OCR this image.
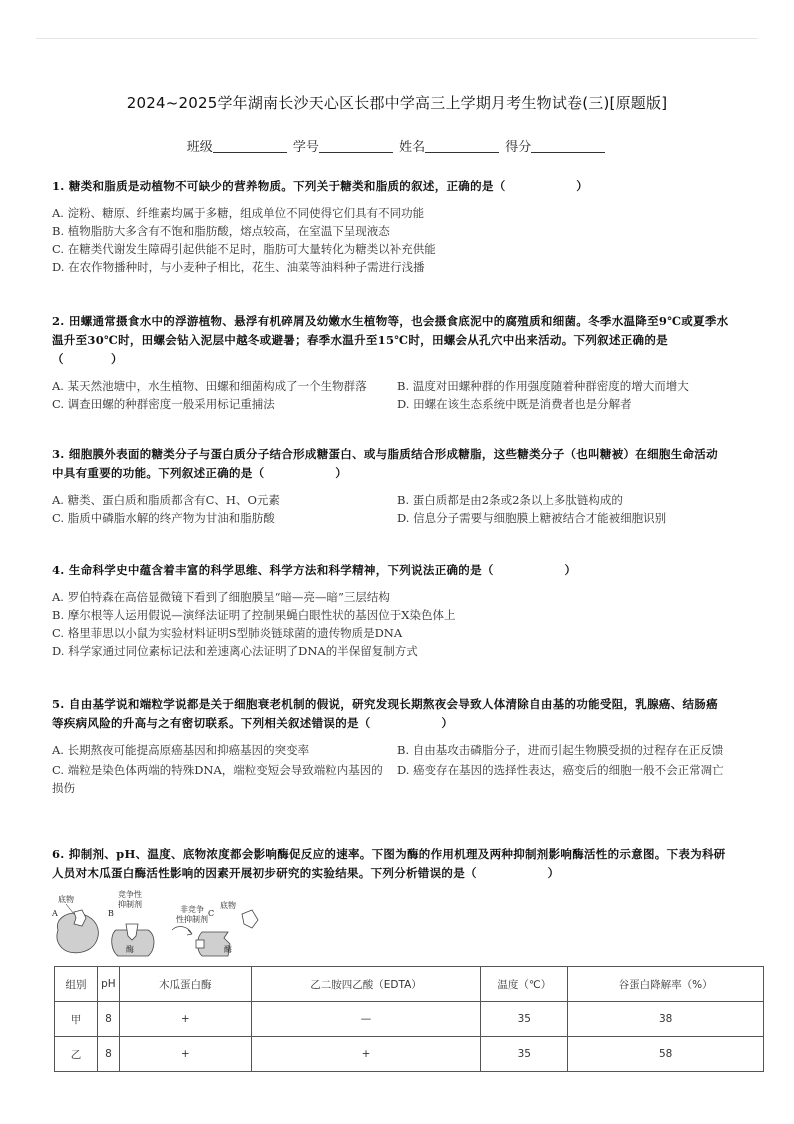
2024~2025学年湖南长沙天心区长郡中学高三上学期月考生物试卷(三)[原题版]
班级	学号	姓名	得分
1. 糖类和脂质是动植物不可缺少的营养物质。下列关于糖类和脂质的叙述，正确的是（　　　　　　）
A. 淀粉、糖原、纤维素均属于多糖，组成单位不同使得它们具有不同功能
B. 植物脂肪大多含有不饱和脂肪酸，熔点较高，在室温下呈现液态
C. 在糖类代谢发生障碍引起供能不足时，脂肪可大量转化为糖类以补充供能
D. 在农作物播种时，与小麦种子相比，花生、油菜等油料种子需进行浅播
2. 田螺通常摄食水中的浮游植物、悬浮有机碎屑及幼嫩水生植物等，也会摄食底泥中的腐殖质和细菌。冬季水温降至9℃或夏季水
温升至30℃时，田螺会钻入泥层中越冬或避暑；春季水温升至15℃时，田螺会从孔穴中出来活动。下列叙述正确的是
（　　　　）
A. 某天然池塘中，水生植物、田螺和细菌构成了一个生物群落	B. 温度对田螺种群的作用强度随着种群密度的增大而增大
C. 调查田螺的种群密度一般采用标记重捕法	D. 田螺在该生态系统中既是消费者也是分解者
3. 细胞膜外表面的糖类分子与蛋白质分子结合形成糖蛋白、或与脂质结合形成糖脂，这些糖类分子（也叫糖被）在细胞生命活动
中具有重要的功能。下列叙述正确的是（　　　　　　）
A. 糖类、蛋白质和脂质都含有C、H、O元素	B. 蛋白质都是由2条或2条以上多肽链构成的
C. 脂质中磷脂水解的终产物为甘油和脂肪酸	D. 信息分子需要与细胞膜上糖被结合才能被细胞识别
4. 生命科学史中蕴含着丰富的科学思维、科学方法和科学精神，下列说法正确的是（　　　　　　）
A. 罗伯特森在高倍显微镜下看到了细胞膜呈“暗—亮—暗”三层结构
B. 摩尔根等人运用假说—演绎法证明了控制果蝇白眼性状的基因位于X染色体上
C. 格里菲思以小鼠为实验材料证明S型肺炎链球菌的遗传物质是DNA
D. 科学家通过同位素标记法和差速离心法证明了DNA的半保留复制方式
5. 自由基学说和端粒学说都是关于细胞衰老机制的假说，研究发现长期熬夜会导致人体清除自由基的功能受阻，乳腺癌、结肠癌
等疾病风险的升高与之有密切联系。下列相关叙述错误的是（　　　　　　）
A. 长期熬夜可能提高原癌基因和抑癌基因的突变率	B. 自由基攻击磷脂分子，进而引起生物膜受损的过程存在正反馈
C. 端粒是染色体两端的特殊DNA，端粒变短会导致端粒内基因的损伤
D. 癌变存在基因的选择性表达，癌变后的细胞一般不会正常凋亡
6. 抑制剂、pH、温度、底物浓度都会影响酶促反应的速率。下图为酶的作用机理及两种抑制剂影响酶活性的示意图。下表为科研
人员对木瓜蛋白酶活性影响的因素开展初步研究的实验结果。下列分析错误的是（　　　　　　）
A
底物
B
竞争性
抑制剂
酶
非竞争
性抑制剂
C
底物
酶
组别	pH	木瓜蛋白酶	乙二胺四乙酸（EDTA）	温度（℃）	谷蛋白降解率（%）
甲	8	+	—	35	38
乙	8	+	+	35	58
